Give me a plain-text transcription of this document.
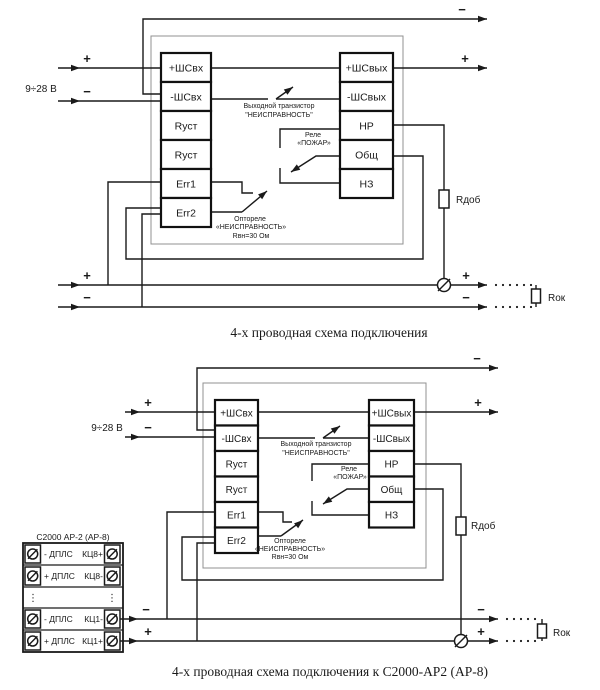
+ШСвх
-ШСвх
Rуст
Rуст
Err1
Err2
+ШСвых
-ШСвых
НР
Общ
НЗ
Rдоб
Rок
9÷28 В
Выходной транзистор
"НЕИСПРАВНОСТЬ"
Реле
«ПОЖАР»
Оптореле
«НЕИСПРАВНОСТЬ»
Rвн=30 Ом
−
+
−
+
+	+
−	−
4-х проводная схема подключения
+ШСвх
-ШСвх
Rуст
Rуст
Err1
Err2
+ШСвых
-ШСвых
НР
Общ
НЗ
Rдоб
Rок
9÷28 В
Выходной транзистор
"НЕИСПРАВНОСТЬ"
Реле
«ПОЖАР»
Оптореле
«НЕИСПРАВНОСТЬ»
Rвн=30 Ом
−
+
−
+
−	−
+	+
С2000 АР-2 (АР-8)
- ДПЛС КЦ8+
+ ДПЛС КЦ8-
⋮	⋮
- ДПЛС КЦ1-
+ ДПЛС КЦ1+
4-х проводная схема подключения к С2000-АР2 (АР-8)
